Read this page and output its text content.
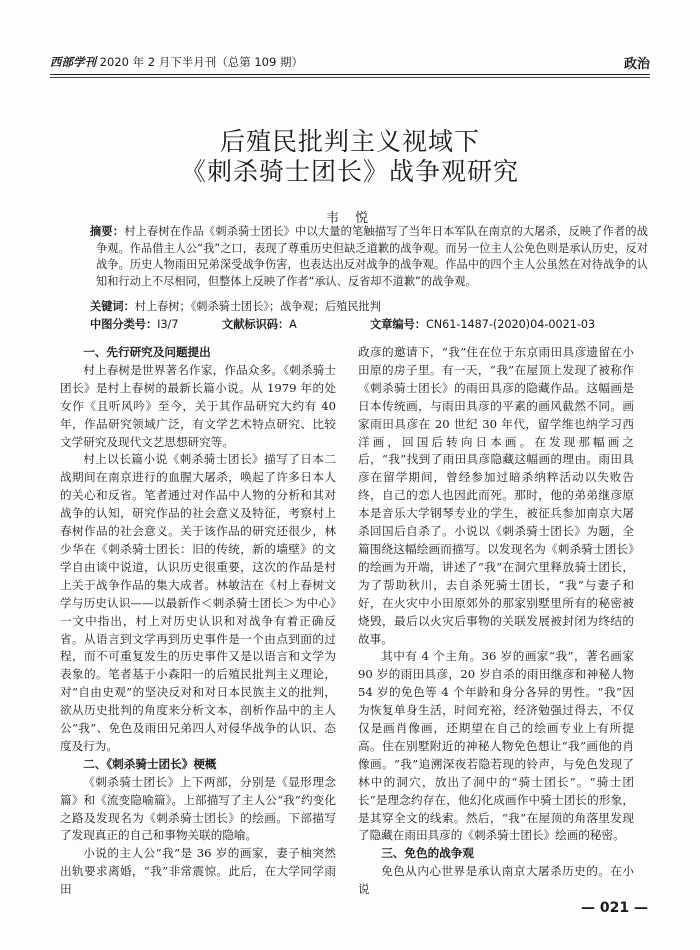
西部学刊 2020 年 2 月下半月刊（总第 109 期）	政治
后殖民批判主义视域下
《刺杀骑士团长》战争观研究
韦 悦
摘要：村上春树在作品《刺杀骑士团长》中以大量的笔触描写了当年日本军队在南京的大屠杀，反映了作者的战争观。作品借主人公“我”之口，表现了尊重历史但缺乏道歉的战争观。而另一位主人公免色则是承认历史，反对战争。历史人物雨田兄弟深受战争伤害，也表达出反对战争的战争观。作品中的四个主人公虽然在对待战争的认知和行动上不尽相同，但整体上反映了作者“承认、反省却不道歉”的战争观。
关键词：村上春树；《刺杀骑士团长》；战争观；后殖民批判
中图分类号：I3/7	文献标识码：A	文章编号：CN61-1487-(2020)04-0021-03
一、先行研究及问题提出

村上春树是世界著名作家，作品众多。《刺杀骑士团长》是村上春树的最新长篇小说。从 1979 年的处女作《且听风吟》至今，关于其作品研究大约有 40 年，作品研究领域广泛，有文学艺术特点研究、比较文学研究及现代文艺思想研究等。

村上以长篇小说《刺杀骑士团长》描写了日本二战期间在南京进行的血腥大屠杀，唤起了许多日本人的关心和反省。笔者通过对作品中人物的分析和其对战争的认知，研究作品的社会意义及特征，考察村上春树作品的社会意义。关于该作品的研究还很少，林少华在《刺杀骑士团长：旧的传统，新的墙壁》的文学自由谈中说道，认识历史很重要，这次的作品是村上关于战争作品的集大成者。林敏洁在《村上春树文学与历史认识——以最新作＜刺杀骑士团长＞为中心》一文中指出，村上对历史认识和对战争有着正确反省。从语言到文学再到历史事件是一个由点到面的过程，而不可重复发生的历史事件又是以语言和文学为表象的。笔者基于小森阳一的后殖民批判主义理论，对“自由史观”的坚决反对和对日本民族主义的批判，欲从历史批判的角度来分析文本，剖析作品中的主人公“我”、免色及雨田兄弟四人对侵华战争的认识、态度及行为。

二、《刺杀骑士团长》梗概

《刺杀骑士团长》上下两部，分别是《显形理念篇》和《流变隐喻篇》。上部描写了主人公“我”约变化之路及发现名为《刺杀骑士团长》的绘画。下部描写了发现真正的自己和事物关联的隐喻。

小说的主人公“我”是 36 岁的画家，妻子柚突然出轨要求离婚，“我”非常震惊。此后，在大学同学雨田

政彦的邀请下，“我”住在位于东京雨田具彦遗留在小田原的房子里。有一天，“我”在屋顶上发现了被称作《刺杀骑士团长》的雨田具彦的隐藏作品。这幅画是日本传统画，与雨田具彦的平素的画风截然不同。画家雨田具彦在 20 世纪 30 年代，留学维也纳学习西洋画，回国后转向日本画。在发现那幅画之后，“我”找到了雨田具彦隐藏这幅画的理由。雨田具彦在留学期间，曾经参加过暗杀纳粹活动以失败告终，自己的恋人也因此而死。那时，他的弟弟继彦原本是音乐大学钢琴专业的学生，被征兵参加南京大屠杀回国后自杀了。小说以《刺杀骑士团长》为题，全篇围绕这幅绘画而描写。以发现名为《刺杀骑士团长》的绘画为开端，讲述了“我”在洞穴里释放骑士团长，为了帮助秋川，去自杀死骑士团长，“我”与妻子和好，在火灾中小田原郊外的那家别墅里所有的秘密被烧毁，最后以火灾后事物的关联发展被封闭为终结的故事。

其中有 4 个主角。36 岁的画家“我”，著名画家 90 岁的雨田具彦，20 岁自杀的雨田继彦和神秘人物 54 岁的免色等 4 个年龄和身分各异的男性。“我”因为恢复单身生活，时间充裕，经济勉强过得去，不仅仅是画肖像画，还期望在自己的绘画专业上有所提高。住在别墅附近的神秘人物免色想让“我”画他的肖像画。“我”追溯深夜若隐若现的铃声，与免色发现了林中的洞穴，放出了洞中的“骑士团长”。“骑士团长”是理念约存在，他幻化成画作中骑士团长的形象，是其穿全文的线索。然后，“我”在屋顶的角落里发现了隐藏在雨田具彦的《刺杀骑士团长》绘画的秘密。

三、免色的战争观

免色从内心世界是承认南京大屠杀历史的。在小说

— 021 —
